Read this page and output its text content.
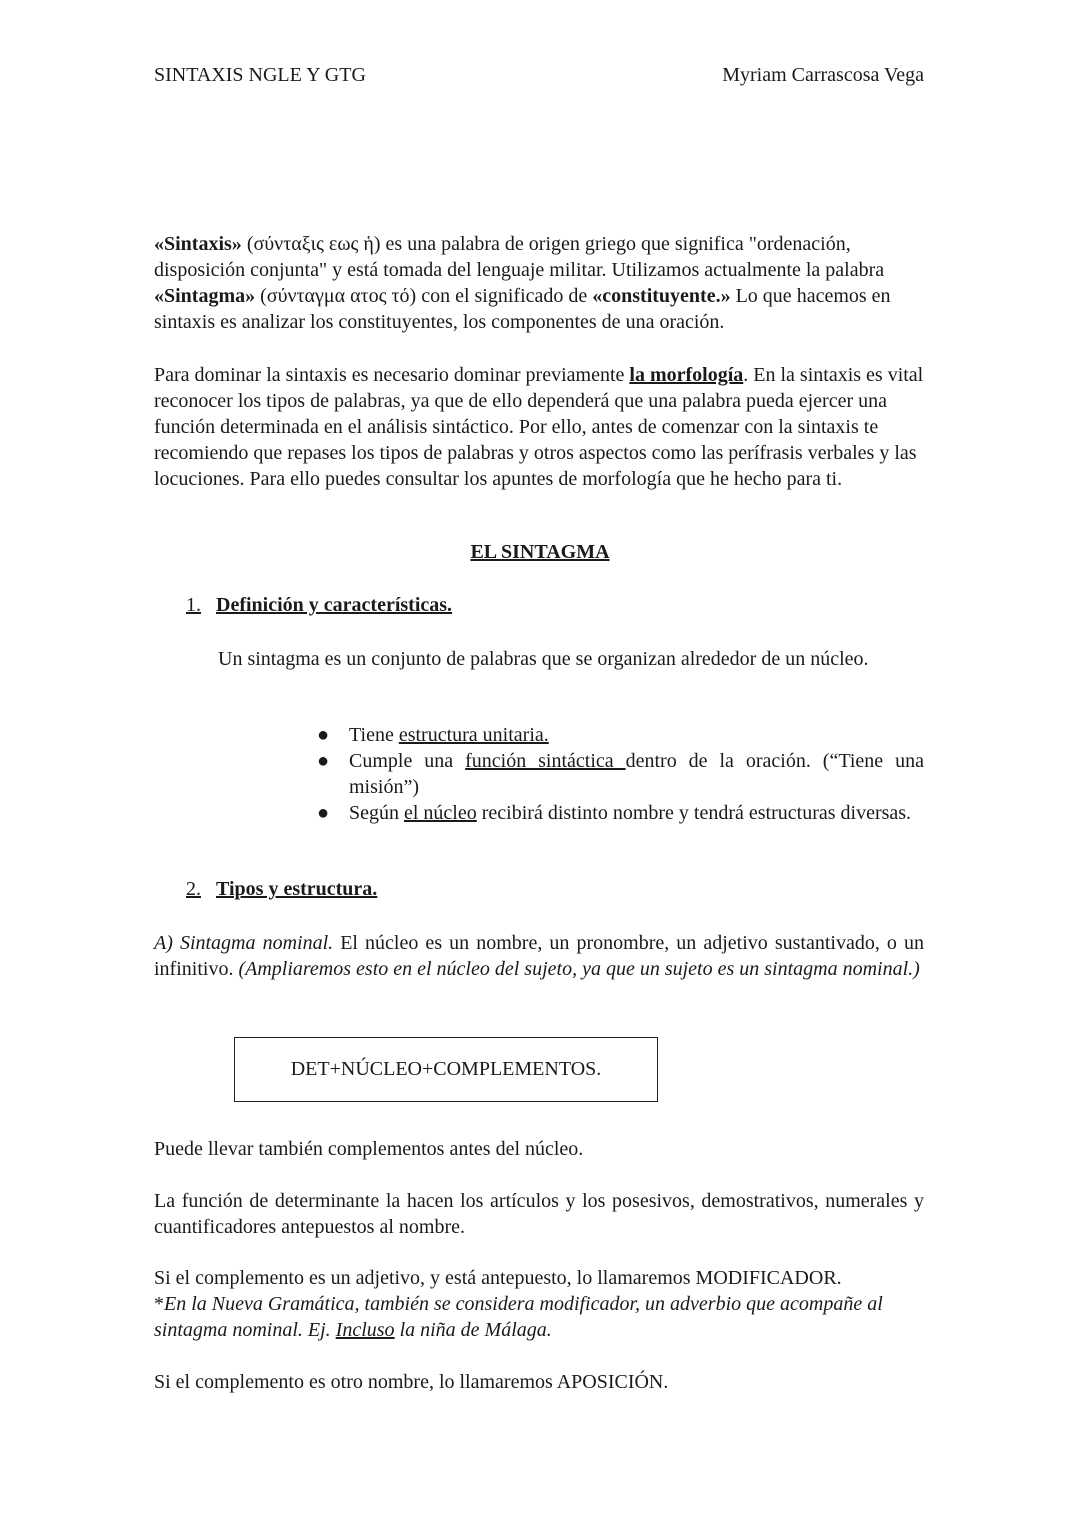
SINTAXIS NGLE Y GTG	Myriam Carrascosa Vega

«Sintaxis» (σύνταξις εως ἡ) es una palabra de origen griego que significa "ordenación, disposición conjunta" y está tomada del lenguaje militar. Utilizamos actualmente la palabra «Sintagma» (σύνταγμα ατος τό) con el significado de «constituyente.» Lo que hacemos en sintaxis es analizar los constituyentes, los componentes de una oración.

Para dominar la sintaxis es necesario dominar previamente la morfología. En la sintaxis es vital reconocer los tipos de palabras, ya que de ello dependerá que una palabra pueda ejercer una función determinada en el análisis sintáctico. Por ello, antes de comenzar con la sintaxis te recomiendo que repases los tipos de palabras y otros aspectos como las perífrasis verbales y las locuciones. Para ello puedes consultar los apuntes de morfología que he hecho para ti.

EL SINTAGMA
1. Definición y características.

Un sintagma es un conjunto de palabras que se organizan alrededor de un núcleo.

● Tiene estructura unitaria.
● Cumple una función sintáctica dentro de la oración. (“Tiene una misión”)
● Según el núcleo recibirá distinto nombre y tendrá estructuras diversas.
2. Tipos y estructura.

A) Sintagma nominal. El núcleo es un nombre, un pronombre, un adjetivo sustantivado, o un infinitivo. (Ampliaremos esto en el núcleo del sujeto, ya que un sujeto es un sintagma nominal.)

DET+NÚCLEO+COMPLEMENTOS.

Puede llevar también complementos antes del núcleo.

La función de determinante la hacen los artículos y los posesivos, demostrativos, numerales y cuantificadores antepuestos al nombre.

Si el complemento es un adjetivo, y está antepuesto, lo llamaremos MODIFICADOR.

*En la Nueva Gramática, también se considera modificador, un adverbio que acompañe al sintagma nominal. Ej. Incluso la niña de Málaga.

Si el complemento es otro nombre, lo llamaremos APOSICIÓN.
